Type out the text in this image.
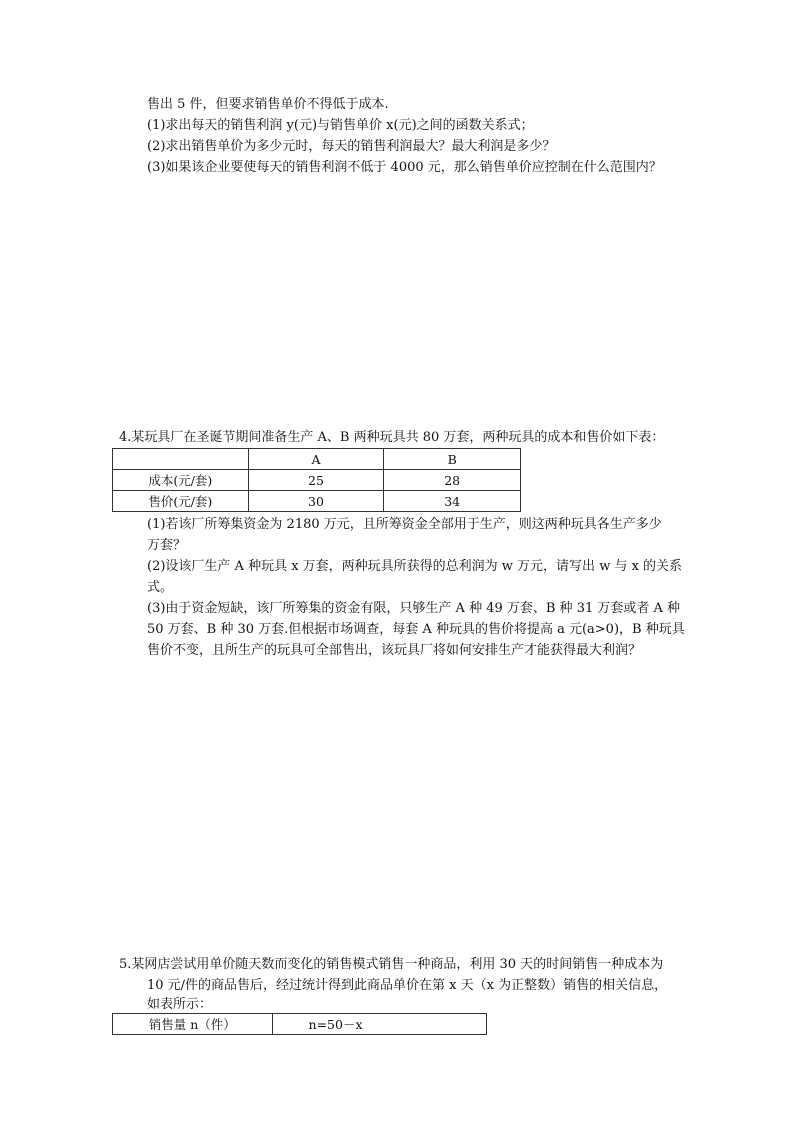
售出 5 件，但要求销售单价不得低于成本.
(1)求出每天的销售利润 y(元)与销售单价 x(元)之间的函数关系式；
(2)求出销售单价为多少元时，每天的销售利润最大？最大利润是多少？
(3)如果该企业要使每天的销售利润不低于 4000 元，那么销售单价应控制在什么范围内？
4.某玩具厂在圣诞节期间准备生产 A、B 两种玩具共 80 万套，两种玩具的成本和售价如下表：
	A	B
成本(元/套)	25	28
售价(元/套)	30	34
(1)若该厂所筹集资金为 2180 万元，且所筹资金全部用于生产，则这两种玩具各生产多少
万套？
(2)设该厂生产 A 种玩具 x 万套，两种玩具所获得的总利润为 w 万元，请写出 w 与 x 的关系
式。
(3)由于资金短缺，该厂所筹集的资金有限，只够生产 A 种 49 万套、B 种 31 万套或者 A 种
50 万套、B 种 30 万套.但根据市场调查，每套 A 种玩具的售价将提高 a 元(a>0)，B 种玩具
售价不变，且所生产的玩具可全部售出，该玩具厂将如何安排生产才能获得最大利润？
5.某网店尝试用单价随天数而变化的销售模式销售一种商品，利用 30 天的时间销售一种成本为
10 元/件的商品售后，经过统计得到此商品单价在第 x 天（x 为正整数）销售的相关信息，
如表所示：
销售量 n（件）	n=50－x
